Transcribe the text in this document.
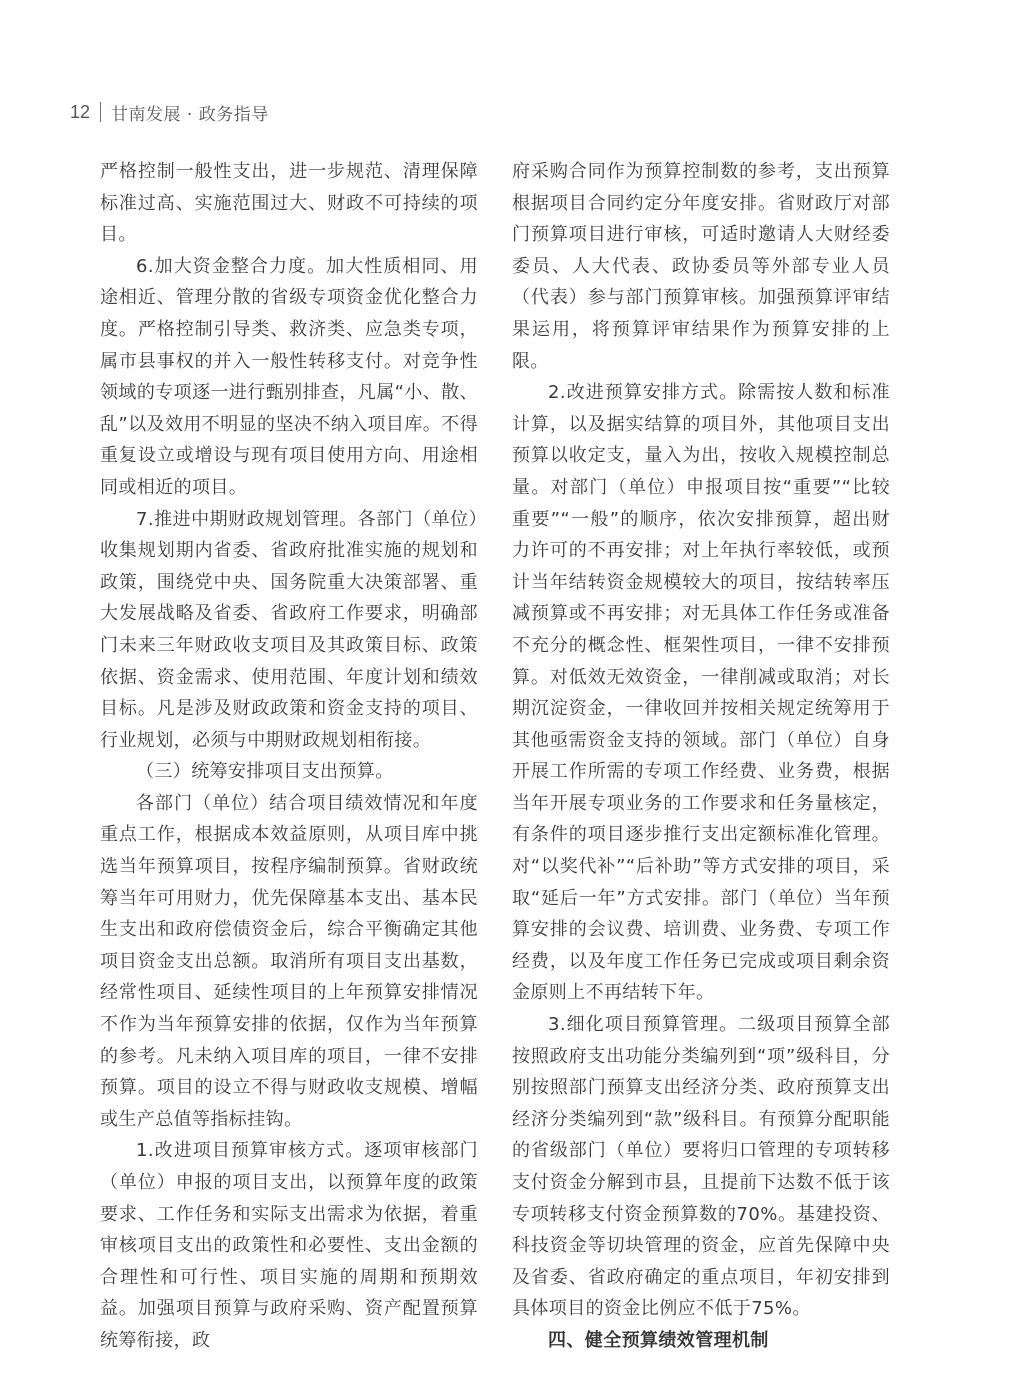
12 甘南发展 · 政务指导

严格控制一般性支出，进一步规范、清理保障标准过高、实施范围过大、财政不可持续的项目。

6.加大资金整合力度。加大性质相同、用途相近、管理分散的省级专项资金优化整合力度。严格控制引导类、救济类、应急类专项，属市县事权的并入一般性转移支付。对竞争性领域的专项逐一进行甄别排查，凡属“小、散、乱”以及效用不明显的坚决不纳入项目库。不得重复设立或增设与现有项目使用方向、用途相同或相近的项目。

7.推进中期财政规划管理。各部门（单位）收集规划期内省委、省政府批准实施的规划和政策，围绕党中央、国务院重大决策部署、重大发展战略及省委、省政府工作要求，明确部门未来三年财政收支项目及其政策目标、政策依据、资金需求、使用范围、年度计划和绩效目标。凡是涉及财政政策和资金支持的项目、行业规划，必须与中期财政规划相衔接。

（三）统筹安排项目支出预算。

各部门（单位）结合项目绩效情况和年度重点工作，根据成本效益原则，从项目库中挑选当年预算项目，按程序编制预算。省财政统筹当年可用财力，优先保障基本支出、基本民生支出和政府偿债资金后，综合平衡确定其他项目资金支出总额。取消所有项目支出基数，经常性项目、延续性项目的上年预算安排情况不作为当年预算安排的依据，仅作为当年预算的参考。凡未纳入项目库的项目，一律不安排预算。项目的设立不得与财政收支规模、增幅或生产总值等指标挂钩。

1.改进项目预算审核方式。逐项审核部门（单位）申报的项目支出，以预算年度的政策要求、工作任务和实际支出需求为依据，着重审核项目支出的政策性和必要性、支出金额的合理性和可行性、项目实施的周期和预期效益。加强项目预算与政府采购、资产配置预算统筹衔接，政

府采购合同作为预算控制数的参考，支出预算根据项目合同约定分年度安排。省财政厅对部门预算项目进行审核，可适时邀请人大财经委委员、人大代表、政协委员等外部专业人员（代表）参与部门预算审核。加强预算评审结果运用，将预算评审结果作为预算安排的上限。

2.改进预算安排方式。除需按人数和标准计算，以及据实结算的项目外，其他项目支出预算以收定支，量入为出，按收入规模控制总量。对部门（单位）申报项目按“重要”“比较重要”“一般”的顺序，依次安排预算，超出财力许可的不再安排；对上年执行率较低，或预计当年结转资金规模较大的项目，按结转率压减预算或不再安排；对无具体工作任务或准备不充分的概念性、框架性项目，一律不安排预算。对低效无效资金，一律削减或取消；对长期沉淀资金，一律收回并按相关规定统筹用于其他亟需资金支持的领域。部门（单位）自身开展工作所需的专项工作经费、业务费，根据当年开展专项业务的工作要求和任务量核定，有条件的项目逐步推行支出定额标准化管理。对“以奖代补”“后补助”等方式安排的项目，采取“延后一年”方式安排。部门（单位）当年预算安排的会议费、培训费、业务费、专项工作经费，以及年度工作任务已完成或项目剩余资金原则上不再结转下年。

3.细化项目预算管理。二级项目预算全部按照政府支出功能分类编列到“项”级科目，分别按照部门预算支出经济分类、政府预算支出经济分类编列到“款”级科目。有预算分配职能的省级部门（单位）要将归口管理的专项转移支付资金分解到市县，且提前下达数不低于该专项转移支付资金预算数的70%。基建投资、科技资金等切块管理的资金，应首先保障中央及省委、省政府确定的重点项目，年初安排到具体项目的资金比例应不低于75%。

四、健全预算绩效管理机制
